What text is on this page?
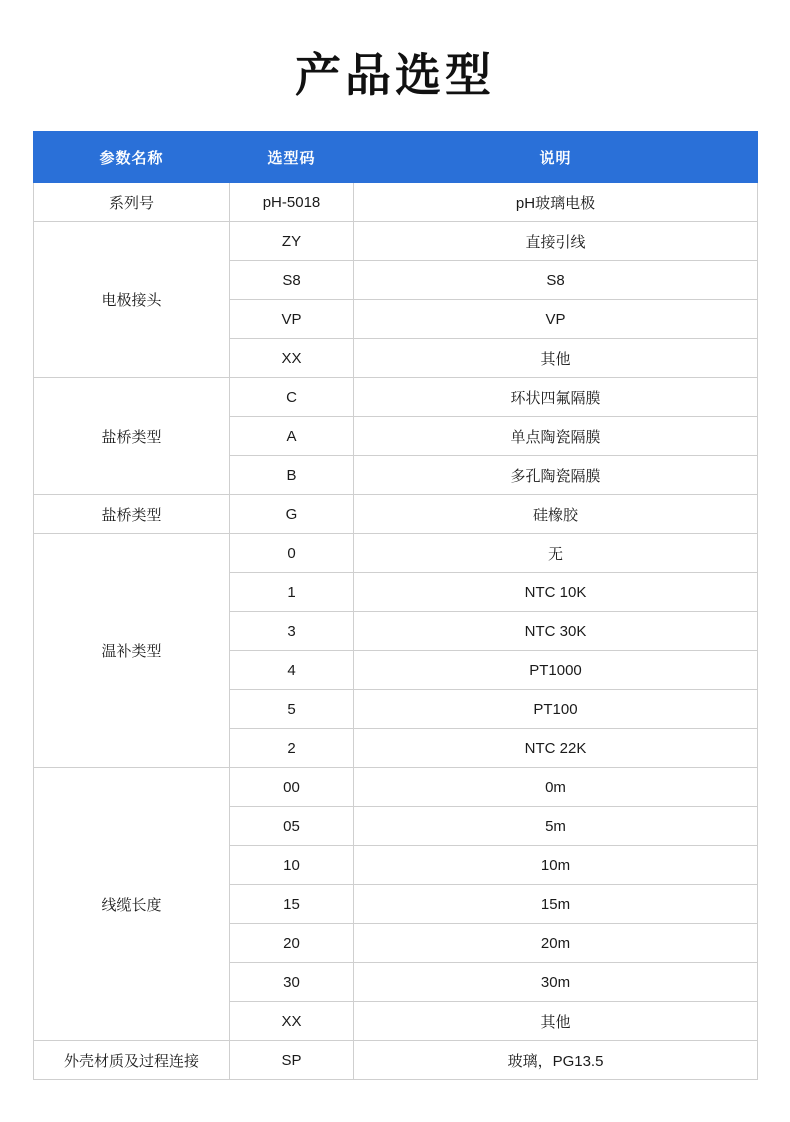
产品选型
参数名称	选型码	说明
系列号	pH-5018	pH玻璃电极
电极接头	ZY	直接引线
	S8	S8
	VP	VP
	XX	其他
盐桥类型	C	环状四氟隔膜
	A	单点陶瓷隔膜
	B	多孔陶瓷隔膜
盐桥类型	G	硅橡胶
温补类型	0	无
	1	NTC 10K
	3	NTC 30K
	4	PT1000
	5	PT100
	2	NTC 22K
线缆长度	00	0m
	05	5m
	10	10m
	15	15m
	20	20m
	30	30m
	XX	其他
外壳材质及过程连接	SP	玻璃，PG13.5
